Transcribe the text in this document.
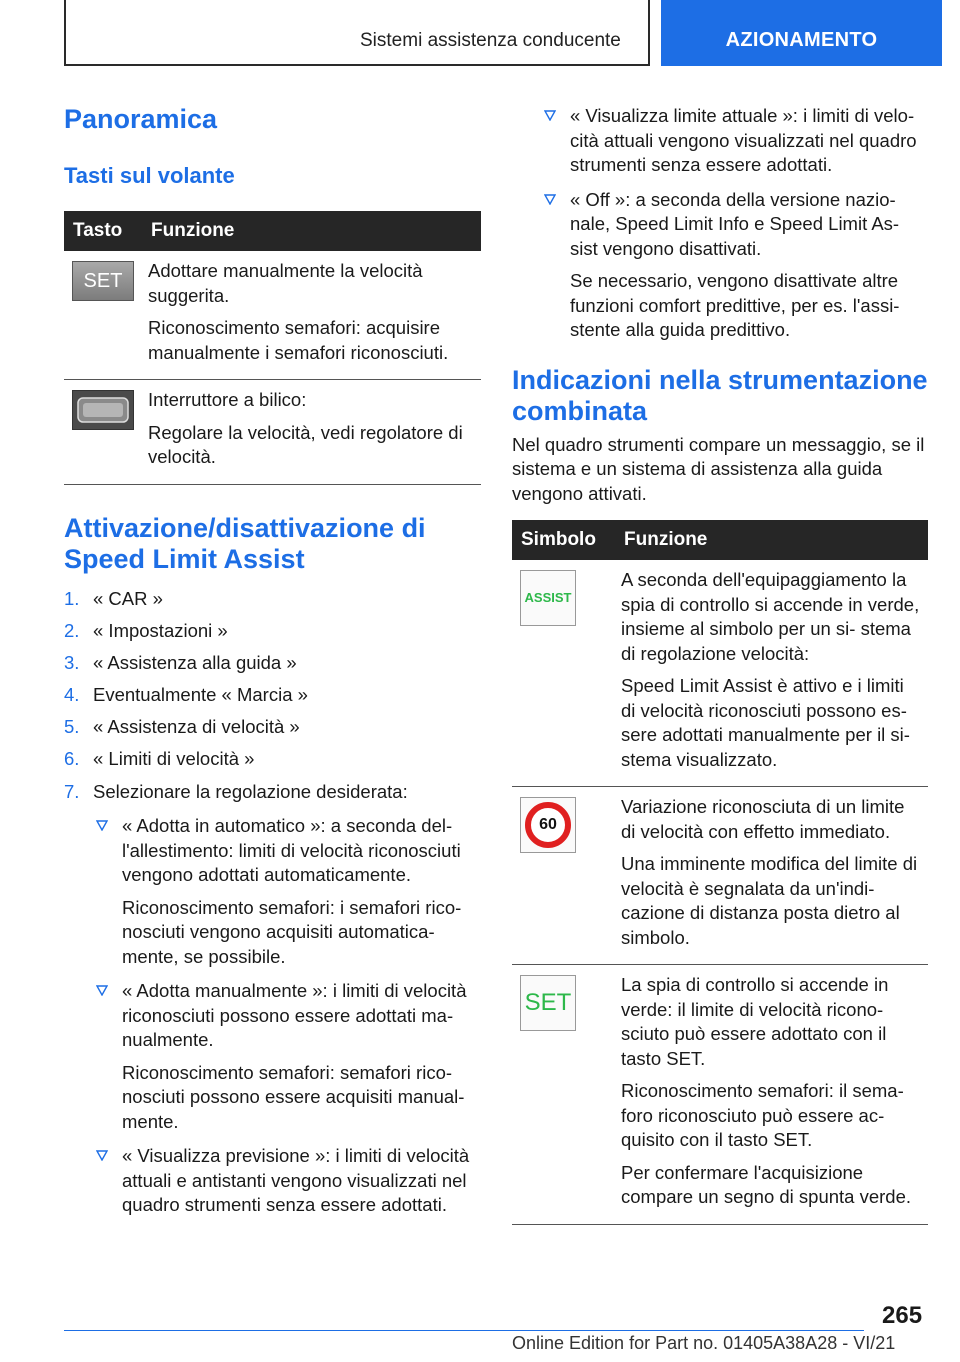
Sistemi assistenza conducente	AZIONAMENTO
Panoramica
Tasti sul volante
Tasto	Funzione

SET	Adottare manualmente la velocità suggerita.

Riconoscimento semafori: acquisire manualmente i semafori riconosciuti.

Interruttore a bilico:

Regolare la velocità, vedi regolatore di velocità.

Attivazione/disattivazione di Speed Limit Assist
1. « CAR »
2. « Impostazioni »
3. « Assistenza alla guida »
4. Eventualmente « Marcia »
5. « Assistenza di velocità »
6. « Limiti di velocità »
7. Selezionare la regolazione desiderata:

« Adotta in automatico »: a seconda del- l'allestimento: limiti di velocità riconosciuti vengono adottati automaticamente.

Riconoscimento semafori: i semafori rico- nosciuti vengono acquisiti automatica- mente, se possibile.

« Adotta manualmente »: i limiti di velocità riconosciuti possono essere adottati ma- nualmente.

Riconoscimento semafori: semafori rico- nosciuti possono essere acquisiti manual- mente.

« Visualizza previsione »: i limiti di velocità attuali e antistanti vengono visualizzati nel quadro strumenti senza essere adottati.

« Visualizza limite attuale »: i limiti di velo- cità attuali vengono visualizzati nel quadro strumenti senza essere adottati.

« Off »: a seconda della versione nazio- nale, Speed Limit Info e Speed Limit As- sist vengono disattivati.

Se necessario, vengono disattivate altre funzioni comfort predittive, per es. l'assi- stente alla guida predittivo.

Indicazioni nella strumentazione combinata

Nel quadro strumenti compare un messaggio, se il sistema e un sistema di assistenza alla guida vengono attivati.

Simbolo	Funzione

ASSIST	A seconda dell'equipaggiamento la spia di controllo si accende in verde, insieme al simbolo per un si- stema di regolazione velocità:

Speed Limit Assist è attivo e i limiti di velocità riconosciuti possono es- sere adottati manualmente per il si- stema visualizzato.

60	Variazione riconosciuta di un limite di velocità con effetto immediato.

Una imminente modifica del limite di velocità è segnalata da un'indi- cazione di distanza posta dietro al simbolo.

SET	La spia di controllo si accende in verde: il limite di velocità ricono- sciuto può essere adottato con il tasto SET.

Riconoscimento semafori: il sema- foro riconosciuto può essere ac- quisito con il tasto SET.

Per confermare l'acquisizione compare un segno di spunta verde.

265
Online Edition for Part no. 01405A38A28 - VI/21
